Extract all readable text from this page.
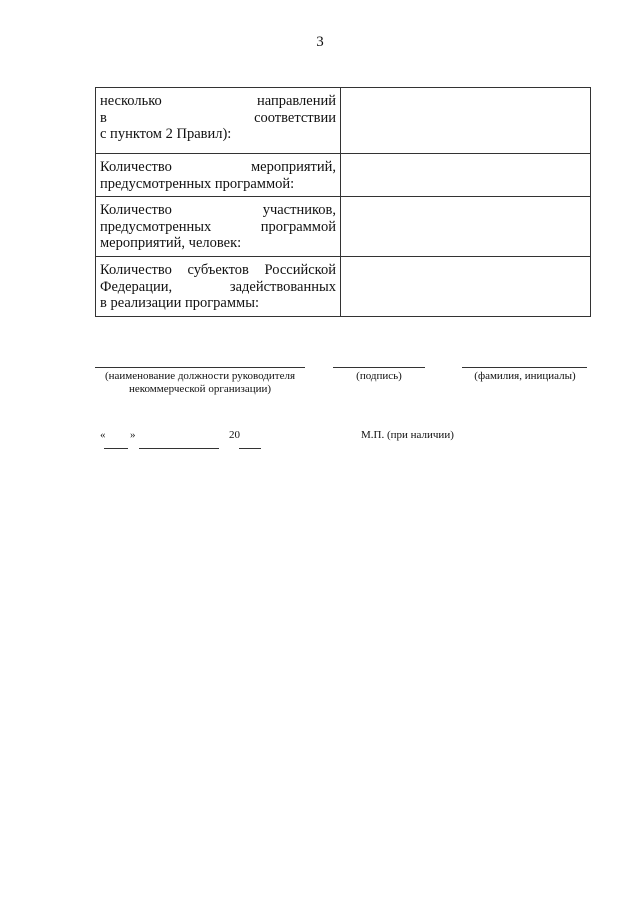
3
несколько направлений
в соответствии
с пунктом 2 Правил):	

Количество мероприятий,
предусмотренных программой:	

Количество участников,
предусмотренных программой
мероприятий, человек:	

Количество субъектов Российской
Федерации, задействованных
в реализации программы:	

(наименование должности руководителя
некоммерческой организации)
(подпись)	(фамилия, инициалы)
« »	20	М.П. (при наличии)
